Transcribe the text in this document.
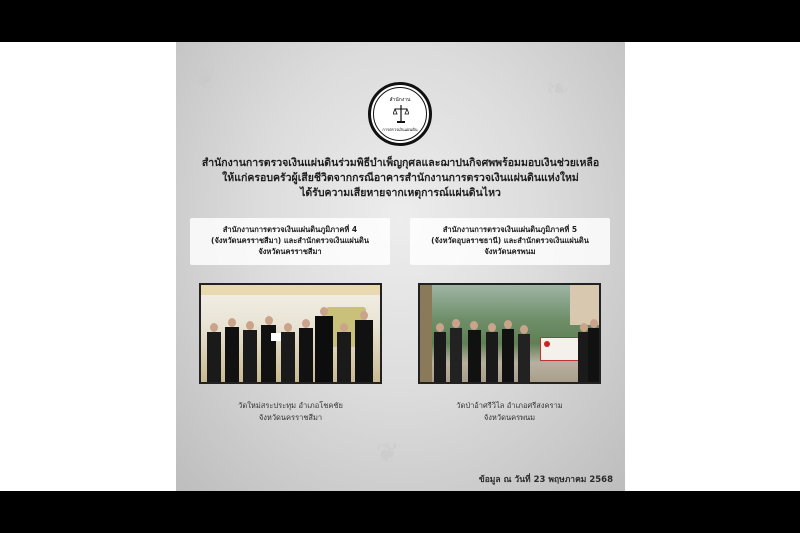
❦	❧
❦	❦
สำนักงาน
การตรวจเงินแผ่นดิน
สำนักงานการตรวจเงินแผ่นดินร่วมพิธีบำเพ็ญกุศลและฌาปนกิจศพพร้อมมอบเงินช่วยเหลือ
ให้แก่ครอบครัวผู้เสียชีวิตจากกรณีอาคารสำนักงานการตรวจเงินแผ่นดินแห่งใหม่
ได้รับความเสียหายจากเหตุการณ์แผ่นดินไหว
สำนักงานการตรวจเงินแผ่นดินภูมิภาคที่ 4
(จังหวัดนครราชสีมา) และสำนักตรวจเงินแผ่นดิน
จังหวัดนครราชสีมา
สำนักงานการตรวจเงินแผ่นดินภูมิภาคที่ 5
(จังหวัดอุบลราชธานี) และสำนักตรวจเงินแผ่นดิน
จังหวัดนครพนม
วัดใหม่สระประทุม อำเภอโชคชัย
จังหวัดนครราชสีมา
วัดป่าอ้าศรีวิไล อำเภอศรีสงคราม
จังหวัดนครพนม
ข้อมูล ณ วันที่ 23 พฤษภาคม 2568
